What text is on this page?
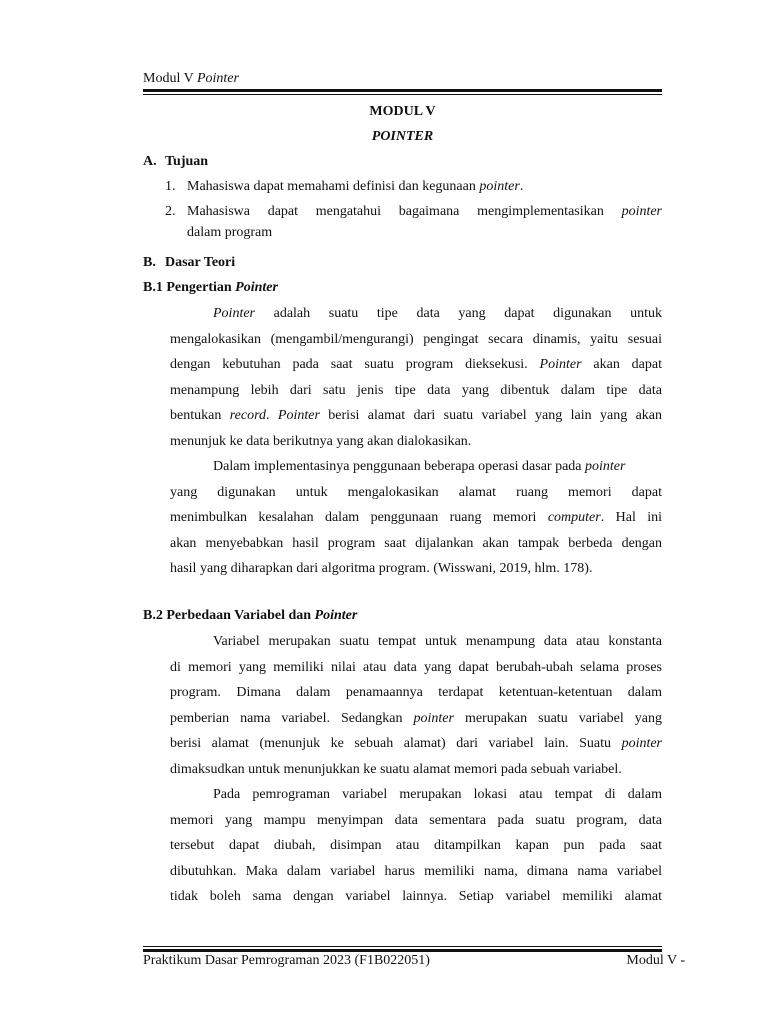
Modul V Pointer
MODUL V
POINTER
A. Tujuan
1. Mahasiswa dapat memahami definisi dan kegunaan pointer.
2. Mahasiswa dapat mengatahui bagaimana mengimplementasikan pointer
dalam program
B. Dasar Teori
B.1 Pengertian Pointer
Pointer adalah suatu tipe data yang dapat digunakan untuk
mengalokasikan (mengambil/mengurangi) pengingat secara dinamis, yaitu sesuai
dengan kebutuhan pada saat suatu program dieksekusi. Pointer akan dapat
menampung lebih dari satu jenis tipe data yang dibentuk dalam tipe data
bentukan record. Pointer berisi alamat dari suatu variabel yang lain yang akan
menunjuk ke data berikutnya yang akan dialokasikan.
Dalam implementasinya penggunaan beberapa operasi dasar pada pointer
yang digunakan untuk mengalokasikan alamat ruang memori dapat
menimbulkan kesalahan dalam penggunaan ruang memori computer. Hal ini
akan menyebabkan hasil program saat dijalankan akan tampak berbeda dengan
hasil yang diharapkan dari algoritma program. (Wisswani, 2019, hlm. 178).
B.2 Perbedaan Variabel dan Pointer
Variabel merupakan suatu tempat untuk menampung data atau konstanta
di memori yang memiliki nilai atau data yang dapat berubah-ubah selama proses
program. Dimana dalam penamaannya terdapat ketentuan-ketentuan dalam
pemberian nama variabel. Sedangkan pointer merupakan suatu variabel yang
berisi alamat (menunjuk ke sebuah alamat) dari variabel lain. Suatu pointer
dimaksudkan untuk menunjukkan ke suatu alamat memori pada sebuah variabel.
Pada pemrograman variabel merupakan lokasi atau tempat di dalam
memori yang mampu menyimpan data sementara pada suatu program, data
tersebut dapat diubah, disimpan atau ditampilkan kapan pun pada saat
dibutuhkan. Maka dalam variabel harus memiliki nama, dimana nama variabel
tidak boleh sama dengan variabel lainnya. Setiap variabel memiliki alamat
Praktikum Dasar Pemrograman 2023 (F1B022051)	Modul V -
